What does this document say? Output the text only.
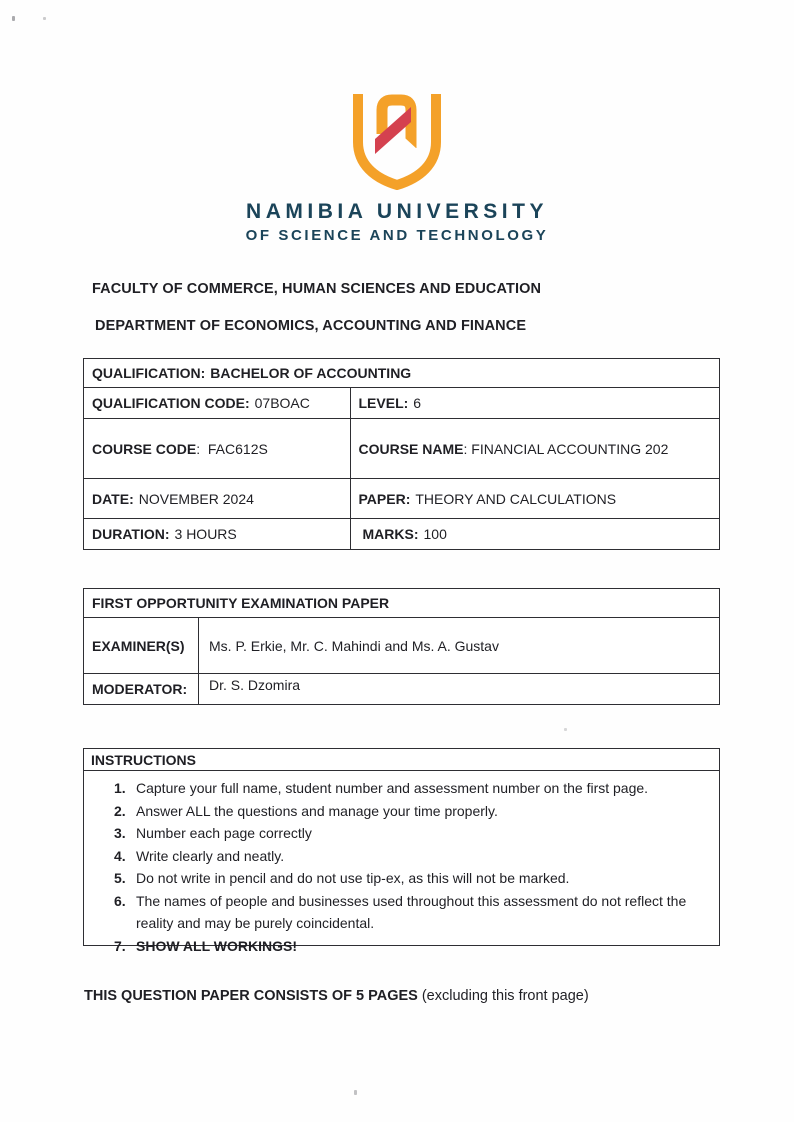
NAMIBIA UNIVERSITY
OF SCIENCE AND TECHNOLOGY
FACULTY OF COMMERCE, HUMAN SCIENCES AND EDUCATION
DEPARTMENT OF ECONOMICS, ACCOUNTING AND FINANCE
QUALIFICATION: BACHELOR OF ACCOUNTING
QUALIFICATION CODE: 07BOAC	LEVEL: 6
COURSE CODE :  FAC612S	COURSE NAME : FINANCIAL ACCOUNTING 202
DATE: NOVEMBER 2024	PAPER: THEORY AND CALCULATIONS
DURATION: 3 HOURS	MARKS: 100
FIRST OPPORTUNITY EXAMINATION PAPER
EXAMINER(S) Ms. P. Erkie, Mr. C. Mahindi and Ms. A. Gustav
MODERATOR: Dr. S. Dzomira
INSTRUCTIONS
1. Capture your full name, student number and assessment number on the first page.
2. Answer ALL the questions and manage your time properly.
3. Number each page correctly
4. Write clearly and neatly.
5. Do not write in pencil and do not use tip-ex, as this will not be marked.
6. The names of people and businesses used throughout this assessment do not reflect the reality and may be purely coincidental.
7. SHOW ALL WORKINGS!
THIS QUESTION PAPER CONSISTS OF 5 PAGES (excluding this front page)
